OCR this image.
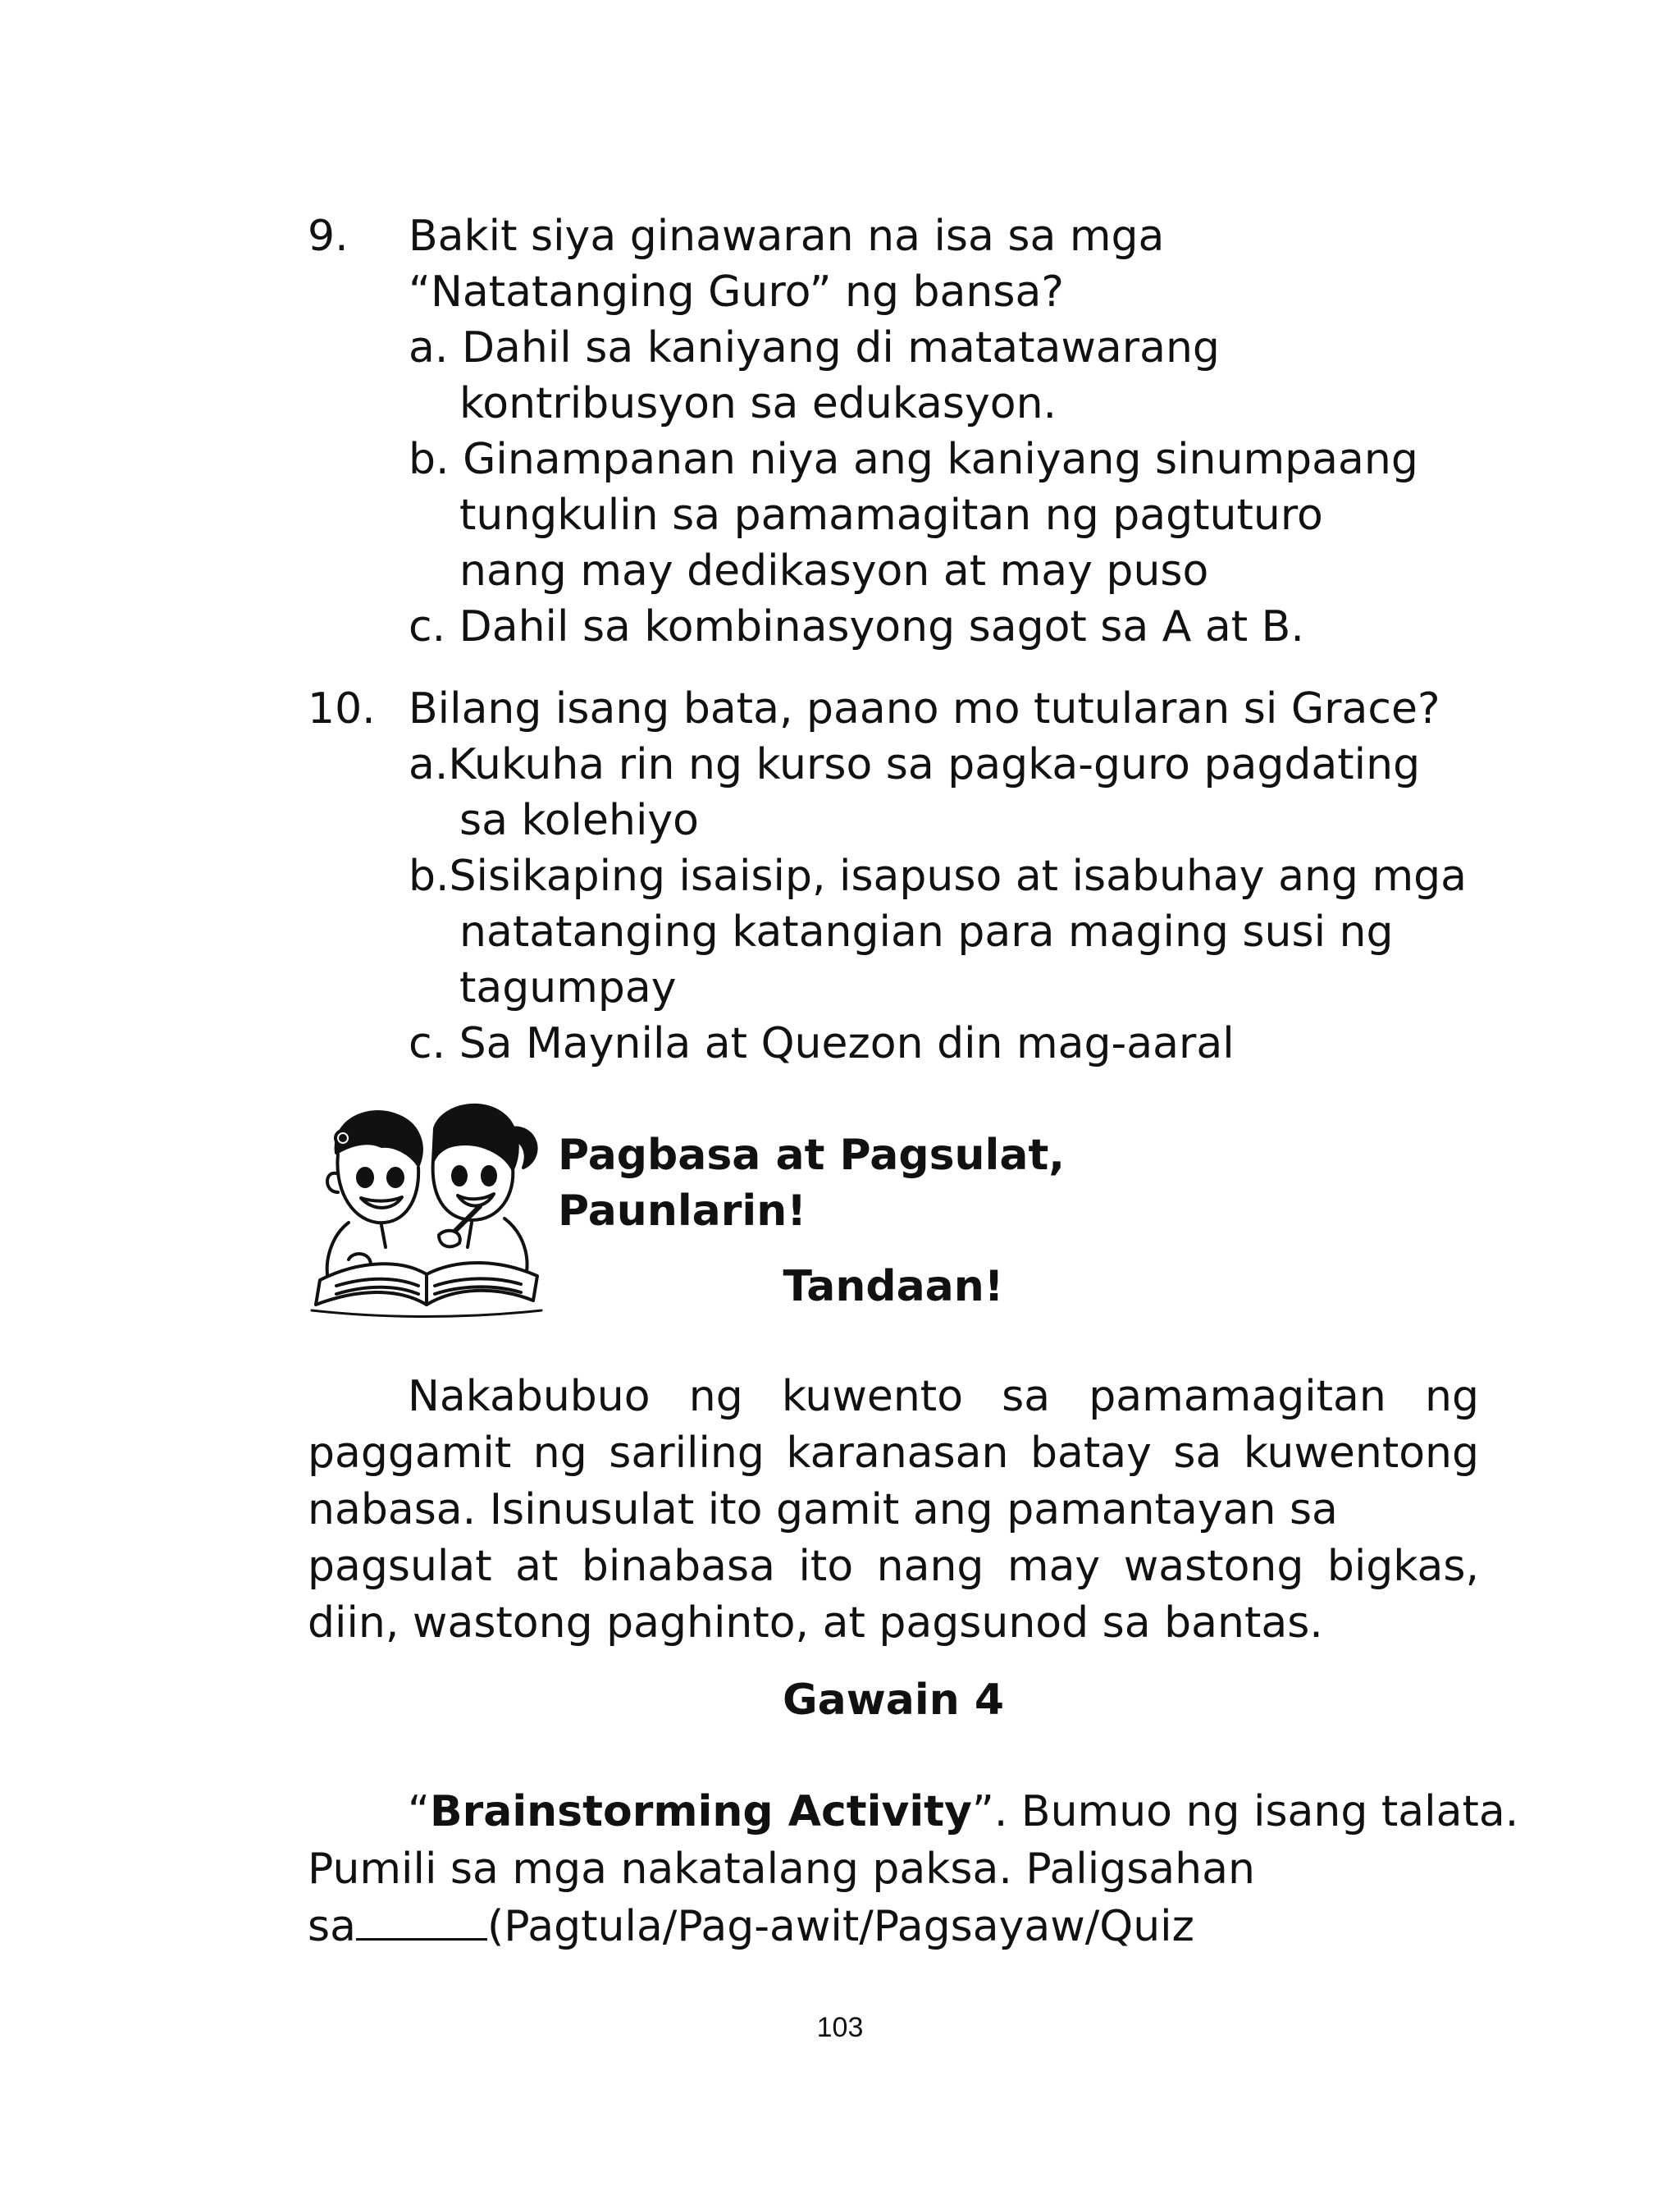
9. Bakit siya ginawaran na isa sa mga
“Natatanging Guro” ng bansa?
a. Dahil sa kaniyang di matatawarang
kontribusyon sa edukasyon.
b. Ginampanan niya ang kaniyang sinumpaang
tungkulin sa pamamagitan ng pagtuturo
nang may dedikasyon at may puso
c. Dahil sa kombinasyong sagot sa A at B.
10. Bilang isang bata, paano mo tutularan si Grace?
a.Kukuha rin ng kurso sa pagka-guro pagdating
sa kolehiyo
b.Sisikaping isaisip, isapuso at isabuhay ang mga
natatanging katangian para maging susi ng
tagumpay
c. Sa Maynila at Quezon din mag-aaral
Pagbasa at Pagsulat,
Paunlarin!
Tandaan!
Nakabubuo ng kuwento sa pamamagitan ng
paggamit ng sariling karanasan batay sa kuwentong
nabasa. Isinusulat ito gamit ang pamantayan sa
pagsulat at binabasa ito nang may wastong bigkas,
diin, wastong paghinto, at pagsunod sa bantas.
Gawain 4
“Brainstorming Activity”. Bumuo ng isang talata.
Pumili sa mga nakatalang paksa. Paligsahan
sa	(Pagtula/Pag-awit/Pagsayaw/Quiz
103
